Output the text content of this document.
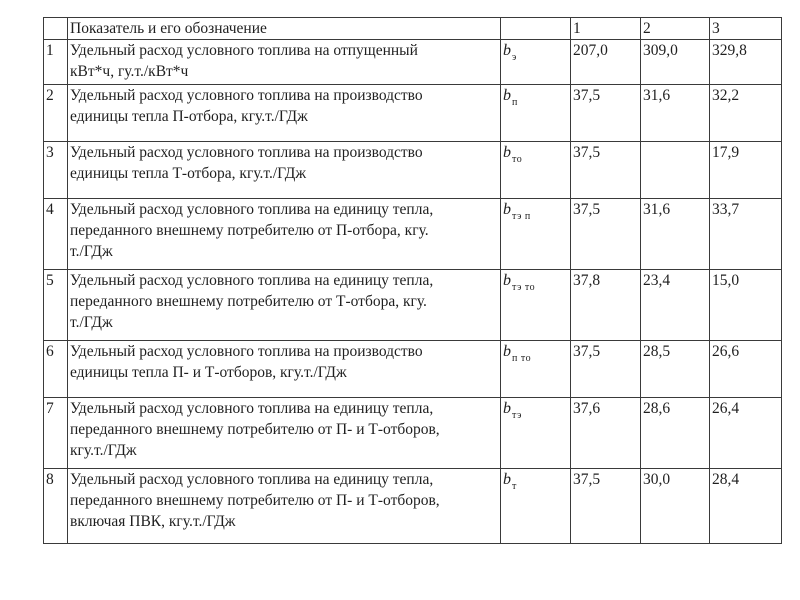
	Показатель и его обозначение		1	2	3
1	Удельный расход условного топлива на отпущенный
кВт*ч, гу.т./кВт*ч	$b_э$	207,0	309,0	329,8
2	Удельный расход условного топлива на производство
единицы тепла П-отбора, кгу.т./ГДж	$b_п$	37,5	31,6	32,2
3	Удельный расход условного топлива на производство
единицы тепла Т-отбора, кгу.т./ГДж	$b_{то}$	37,5		17,9
4	Удельный расход условного топлива на единицу тепла,
переданного внешнему потребителю от П-отбора, кгу.
т./ГДж	$b_{тэ п}$	37,5	31,6	33,7
5	Удельный расход условного топлива на единицу тепла,
переданного внешнему потребителю от Т-отбора, кгу.
т./ГДж	$b_{тэ то}$	37,8	23,4	15,0
6	Удельный расход условного топлива на производство
единицы тепла П- и Т-отборов, кгу.т./ГДж	$b_{п то}$	37,5	28,5	26,6
7	Удельный расход условного топлива на единицу тепла,
переданного внешнему потребителю от П- и Т-отборов,
кгу.т./ГДж	$b_{тэ}$	37,6	28,6	26,4
8	Удельный расход условного топлива на единицу тепла,
переданного внешнему потребителю от П- и Т-отборов,
включая ПВК, кгу.т./ГДж	$b_т$	37,5	30,0	28,4
